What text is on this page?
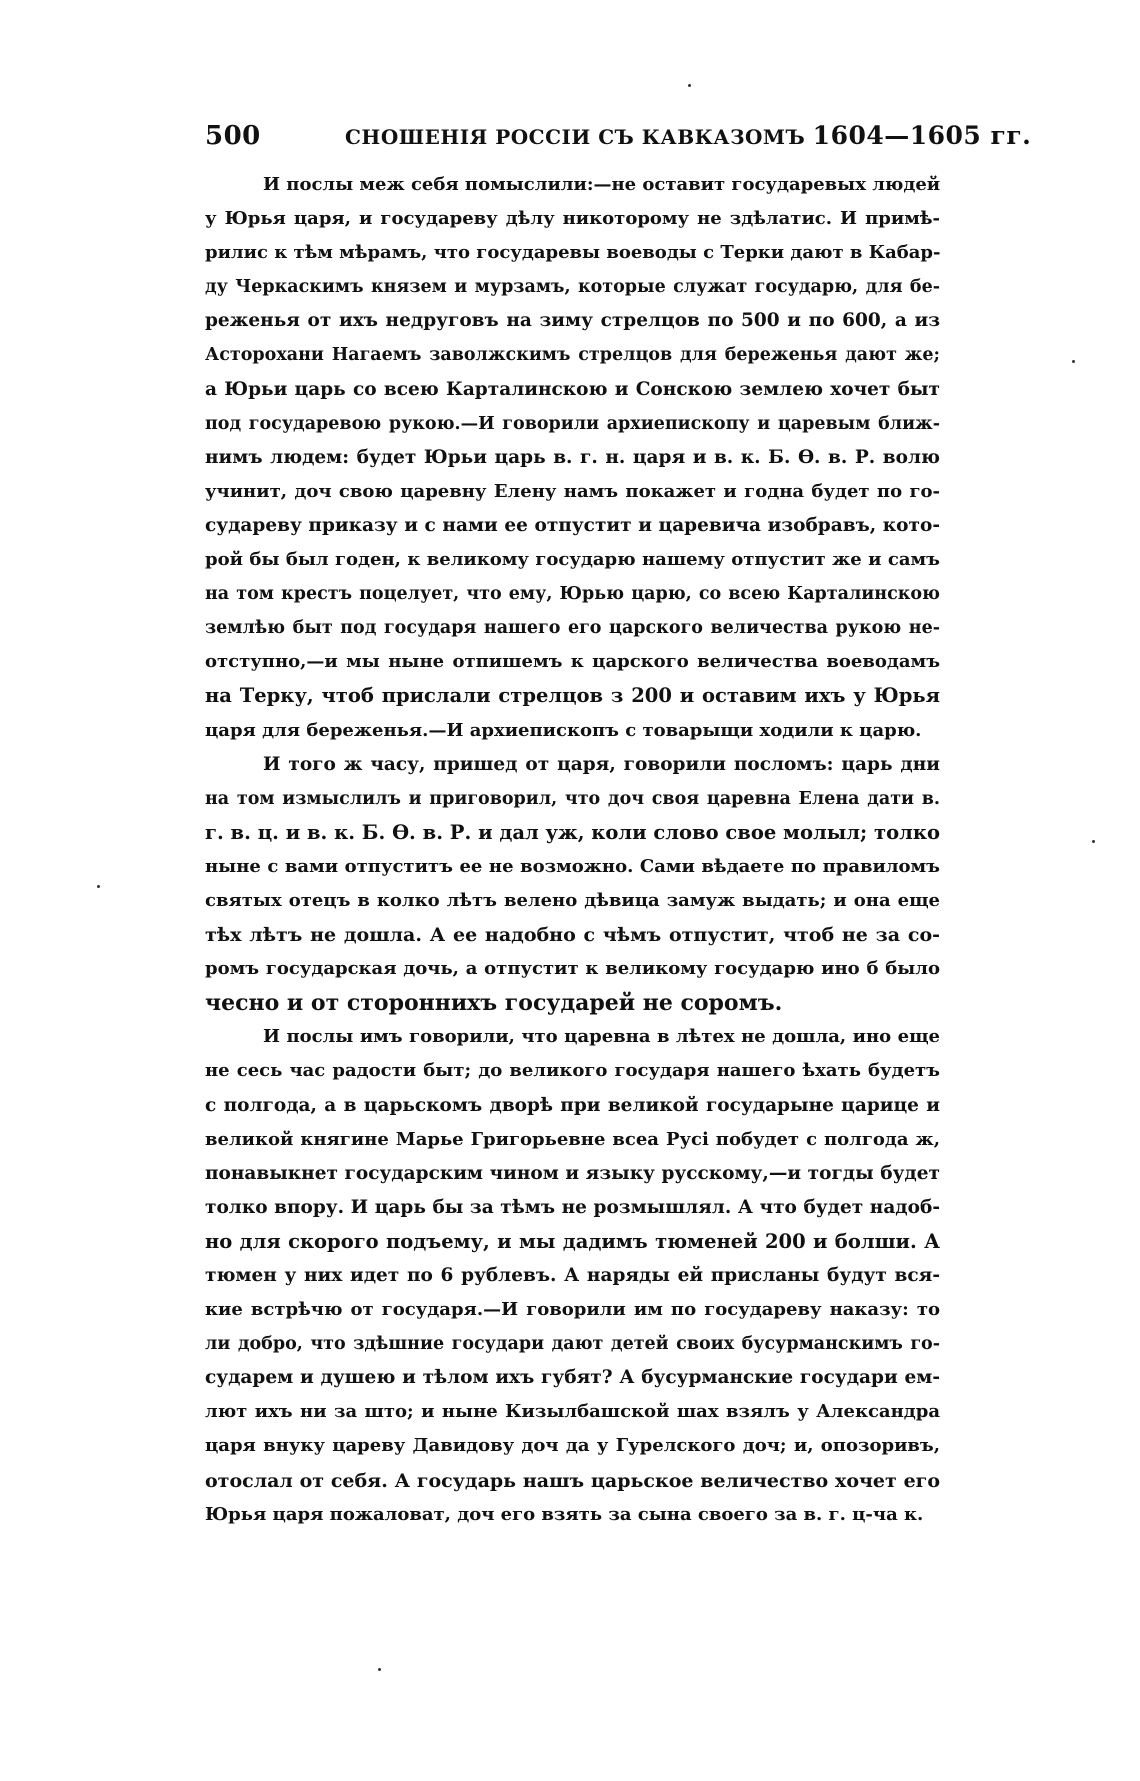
500	СНОШЕНІЯ РОССІИ СЪ КАВКАЗОМЪ 1604—1605 гг.
И послы меж себя помыслили:—не оставит государевых людей
у Юрья царя, и государеву дѣлу никоторому не здѣлатис. И примѣ-
рилис к тѣм мѣрамъ, что государевы воеводы с Терки дают в Кабар-
ду Черкаскимъ князем и мурзамъ, которые служат государю, для бе-
реженья от ихъ недруговъ на зиму стрелцов по 500 и по 600, а из
Асторохани Нагаемъ заволжскимъ стрелцов для береженья дают же;
а Юрьи царь со всею Карталинскою и Сонскою землею хочет быт
под государевою рукою.—И говорили архиепископу и царевым ближ-
нимъ людем: будет Юрьи царь в. г. н. царя и в. к. Б. Ѳ. в. Р. волю
учинит, доч свою царевну Елену намъ покажет и годна будет по го-
судареву приказу и с нами ее отпустит и царевича изобравъ, кото-
рой бы был годен, к великому государю нашему отпустит же и самъ
на том крестъ поцелует, что ему, Юрью царю, со всею Карталинскою
землѣю быт под государя нашего его царского величества рукою не-
отступно,—и мы ныне отпишемъ к царского величества воеводамъ
на Терку, чтоб прислали стрелцов з 200 и оставим ихъ у Юрья
царя для береженья.—И архиепископъ с товарыщи ходили к царю.
И того ж часу, пришед от царя, говорили посломъ: царь дни
на том измыслилъ и приговорил, что доч своя царевна Елена дати в.
г. в. ц. и в. к. Б. Ѳ. в. Р. и дал уж, коли слово свое молыл; толко
ныне с вами отпуститъ ее не возможно. Сами вѣдаете по правиломъ
святых отецъ в колко лѣтъ велено дѣвица замуж выдать; и она еще
тѣх лѣтъ не дошла. А ее надобно с чѣмъ отпустит, чтоб не за со-
ромъ государская дочь, а отпустит к великому государю ино б было
чесно и от стороннихъ государей не соромъ.
И послы имъ говорили, что царевна в лѣтех не дошла, ино еще
не сесь час радости быт; до великого государя нашего ѣхать будетъ
с полгода, а в царьскомъ дворѣ при великой государыне царице и
великой княгине Марье Григорьевне всеа Русі побудет с полгода ж,
понавыкнет государским чином и языку русскому,—и тогды будет
толко впору. И царь бы за тѣмъ не розмышлял. А что будет надоб-
но для скорого подъему, и мы дадимъ тюменей 200 и болши. А
тюмен у них идет по 6 рублевъ. А наряды ей присланы будут вся-
кие встрѣчю от государя.—И говорили им по государеву наказу: то
ли добро, что здѣшние государи дают детей своих бусурманскимъ го-
сударем и душею и тѣлом ихъ губят? А бусурманские государи ем-
лют ихъ ни за што; и ныне Кизылбашской шах взялъ у Александра
царя внуку цареву Давидову доч да у Гурелского доч; и, опозоривъ,
отослал от себя. А государь нашъ царьское величество хочет его
Юрья царя пожаловат, доч его взять за сына своего за в. г. ц-ча к.
